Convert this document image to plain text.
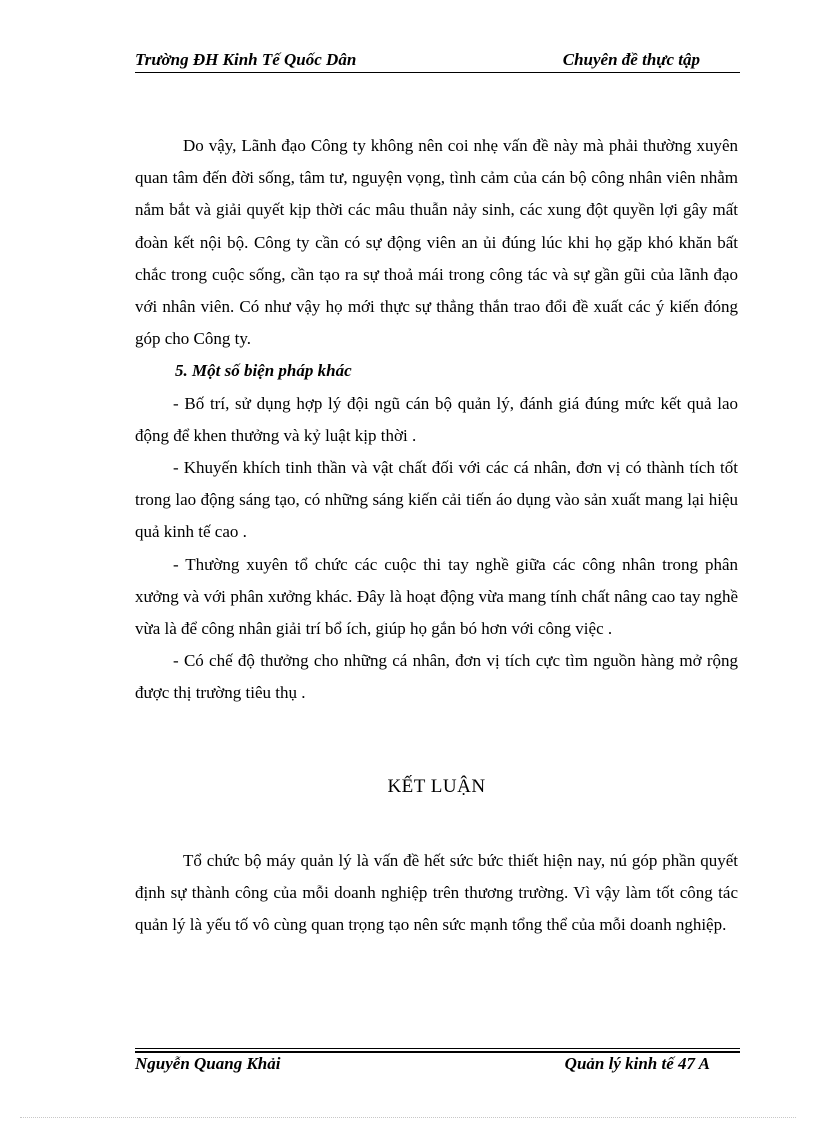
Trường ĐH Kinh Tế Quốc Dân	Chuyên đề thực tập

Do vậy, Lãnh đạo Công ty không nên coi nhẹ vấn đề này mà phải thường xuyên quan tâm đến đời sống, tâm tư, nguyện vọng, tình cảm của cán bộ công nhân viên nhằm nắm bắt và giải quyết kịp thời các mâu thuẫn nảy sinh, các xung đột quyền lợi gây mất đoàn kết nội bộ. Công ty cần có sự động viên an ủi đúng lúc khi họ gặp khó khăn bất chắc trong cuộc sống, cần tạo ra sự thoả mái trong công tác và sự gần gũi của lãnh đạo với nhân viên. Có như vậy họ mới thực sự thẳng thắn trao đổi đề xuất các ý kiến đóng góp cho Công ty.

5. Một số biện pháp khác

- Bố trí, sử dụng hợp lý đội ngũ cán bộ quản lý, đánh giá đúng mức kết quả lao động để khen thưởng và kỷ luật kịp thời .

- Khuyến khích tinh thần và vật chất đối với các cá nhân, đơn vị có thành tích tốt trong lao động sáng tạo, có những sáng kiến cải tiến áo dụng vào sản xuất mang lại hiệu quả kinh tế cao .

- Thường xuyên tổ chức các cuộc thi tay nghề giữa các công nhân trong phân xưởng và với phân xưởng khác. Đây là hoạt động vừa mang tính chất nâng cao tay nghề vừa là để công nhân giải trí bổ ích, giúp họ gắn bó hơn với công việc .

- Có chế độ thưởng cho những cá nhân, đơn vị tích cực tìm nguồn hàng mở rộng được thị trường tiêu thụ .

KẾT LUẬN

Tổ chức bộ máy quản lý là vấn đề hết sức bức thiết hiện nay, nú góp phần quyết định sự thành công của mỗi doanh nghiệp trên thương trường. Vì vậy làm tốt công tác quản lý là yếu tố vô cùng quan trọng tạo nên sức mạnh tổng thể của mỗi doanh nghiệp.

Nguyễn Quang Khải	Quản lý kinh tế 47 A
